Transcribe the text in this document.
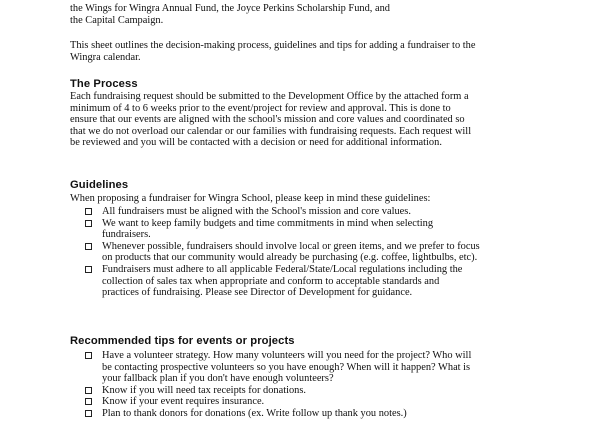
the Wings for Wingra Annual Fund, the Joyce Perkins Scholarship Fund, and
the Capital Campaign.

This sheet outlines the decision-making process, guidelines and tips for adding a fundraiser to the
Wingra calendar.

The Process

Each fundraising request should be submitted to the Development Office by the attached form a
minimum of 4 to 6 weeks prior to the event/project for review and approval. This is done to
ensure that our events are aligned with the school's mission and core values and coordinated so
that we do not overload our calendar or our families with fundraising requests. Each request will
be reviewed and you will be contacted with a decision or need for additional information.

Guidelines

When proposing a fundraiser for Wingra School, please keep in mind these guidelines:

All fundraisers must be aligned with the School's mission and core values.
We want to keep family budgets and time commitments in mind when selecting
fundraisers.
Whenever possible, fundraisers should involve local or green items, and we prefer to focus
on products that our community would already be purchasing (e.g. coffee, lightbulbs, etc).
Fundraisers must adhere to all applicable Federal/State/Local regulations including the
collection of sales tax when appropriate and conform to acceptable standards and
practices of fundraising. Please see Director of Development for guidance.
Recommended tips for events or projects
Have a volunteer strategy. How many volunteers will you need for the project? Who will
be contacting prospective volunteers so you have enough? When will it happen? What is
your fallback plan if you don't have enough volunteers?
Know if you will need tax receipts for donations.
Know if your event requires insurance.
Plan to thank donors for donations (ex. Write follow up thank you notes.)
